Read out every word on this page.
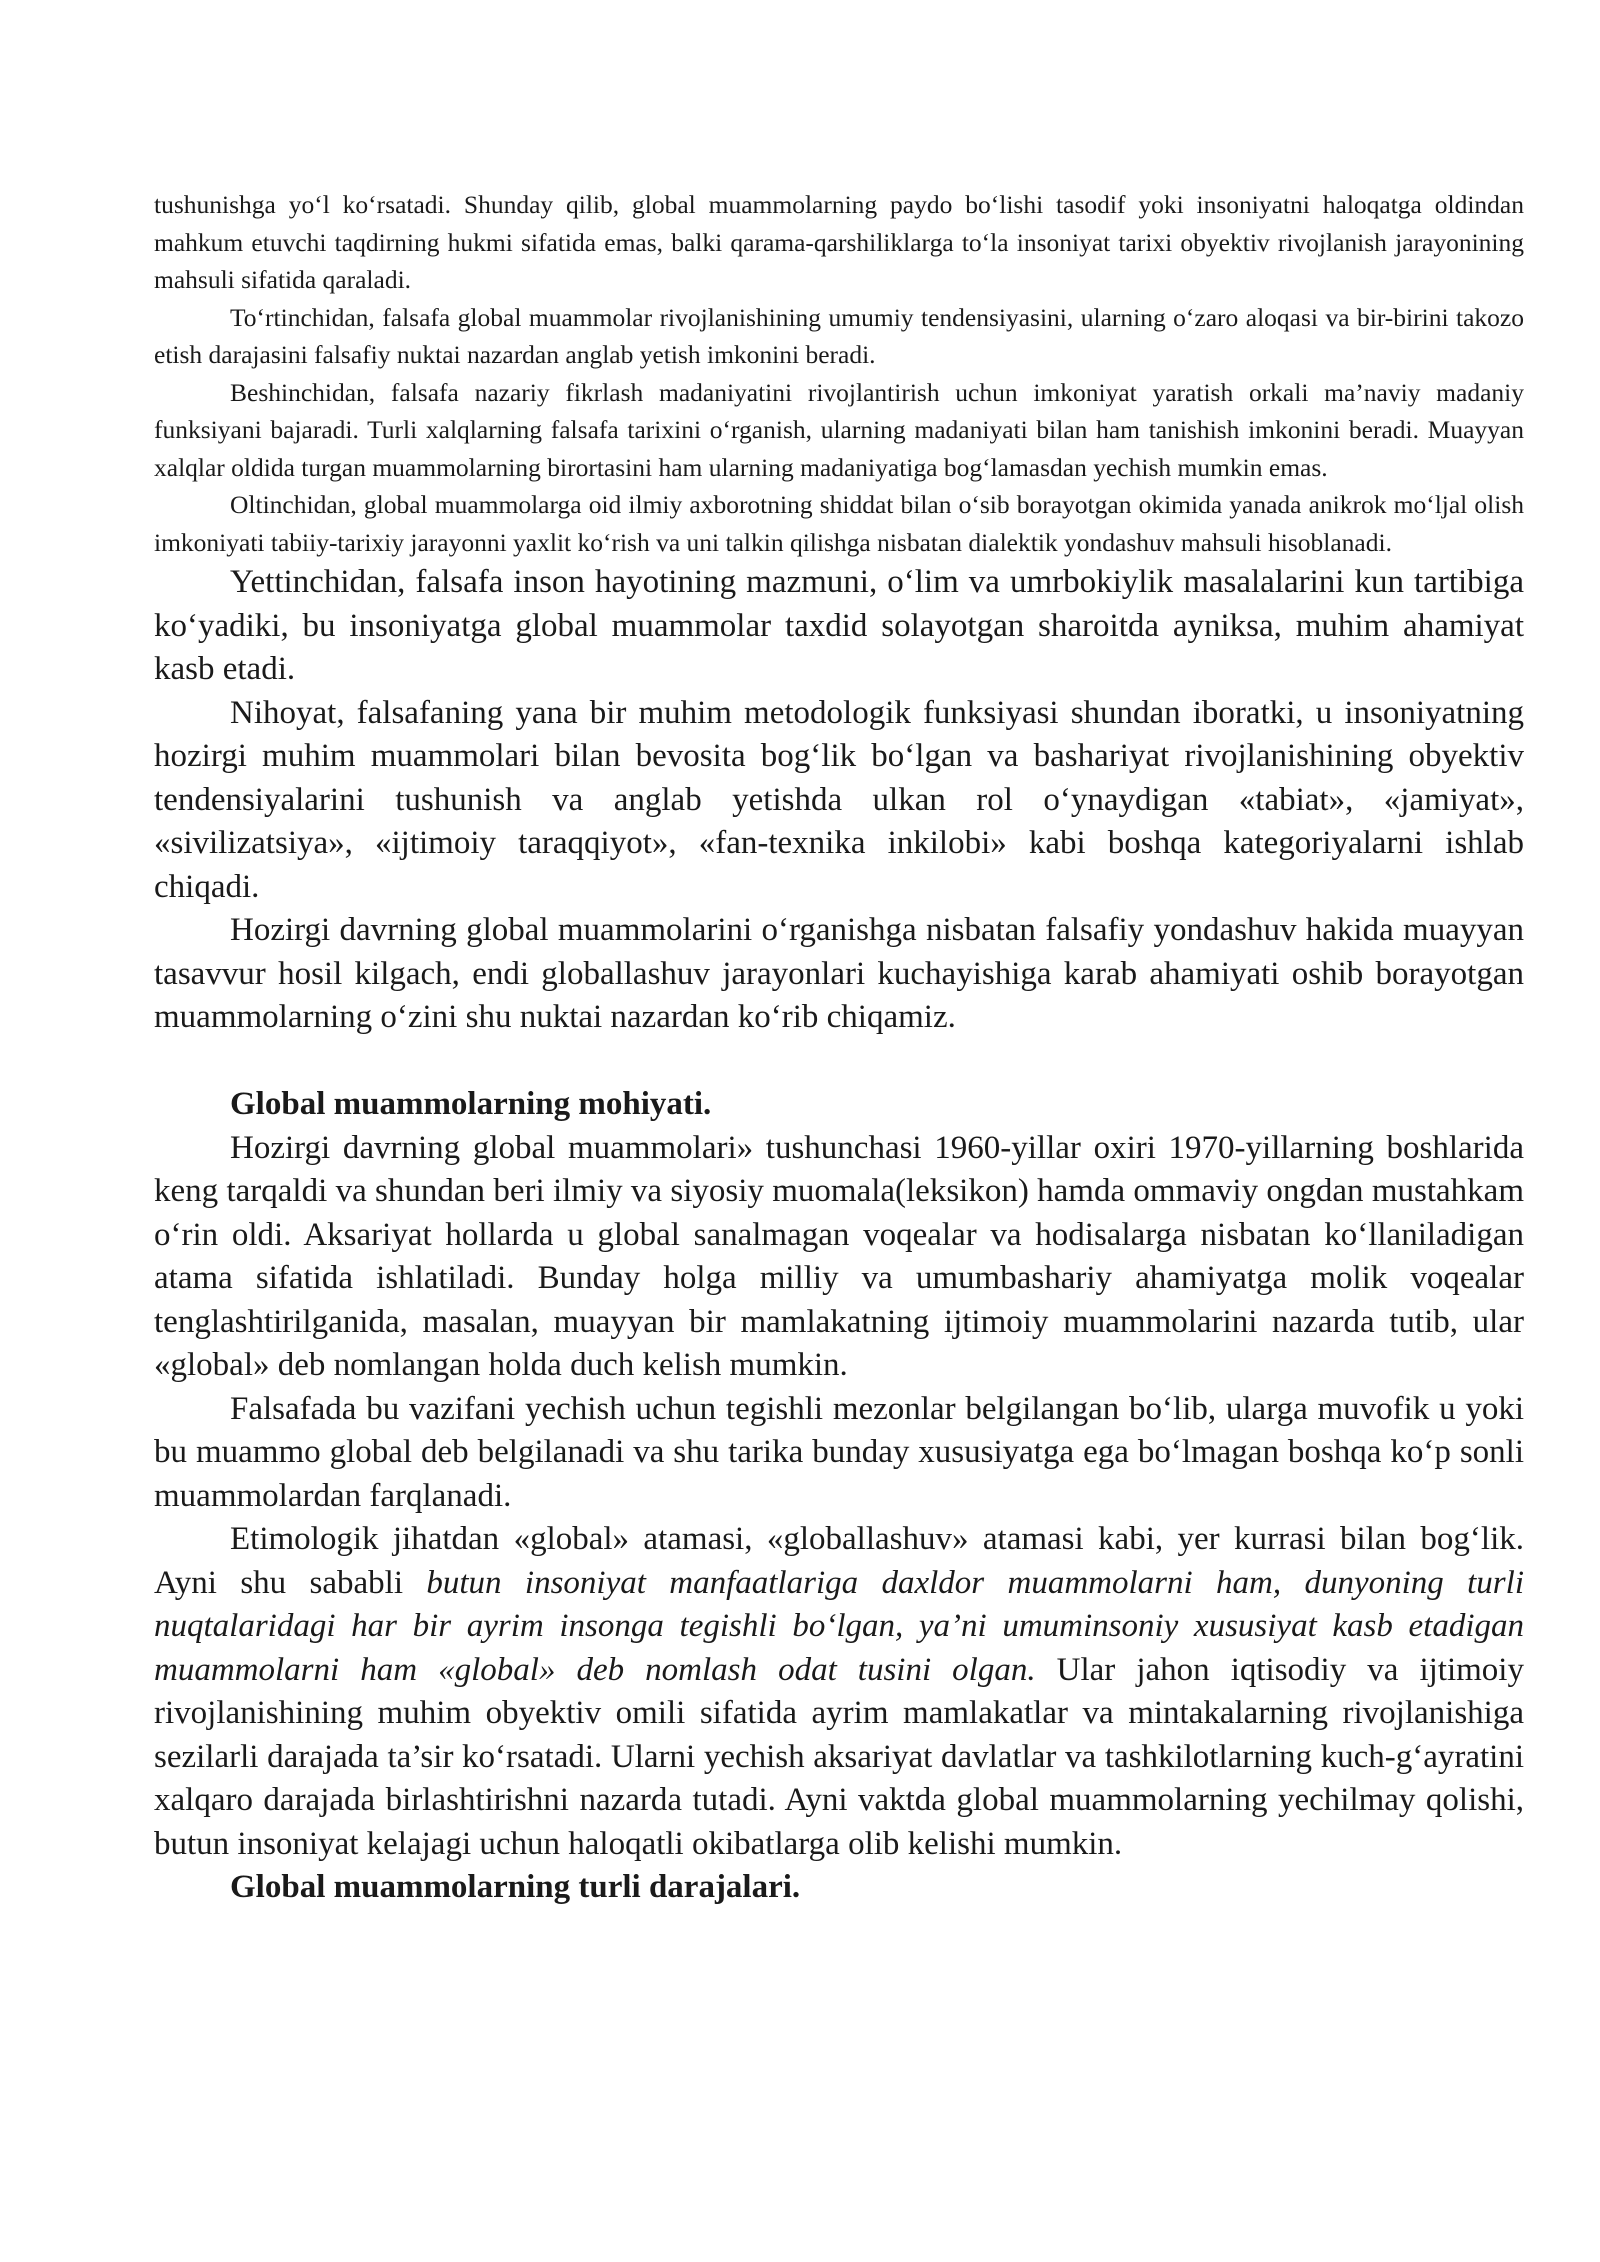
tushunishga yo‘l ko‘rsatadi. Shunday qilib, global muammolarning paydo bo‘lishi tasodif yoki insoniyatni haloqatga oldindan mahkum etuvchi taqdirning hukmi sifatida emas, balki qarama-qarshiliklarga to‘la insoniyat tarixi obyektiv rivojlanish jarayonining mahsuli sifatida qaraladi.

To‘rtinchidan, falsafa global muammolar rivojlanishining umumiy tendensiyasini, ularning o‘zaro aloqasi va bir-birini takozo etish darajasini falsafiy nuktai nazardan anglab yetish imkonini beradi.

Beshinchidan, falsafa nazariy fikrlash madaniyatini rivojlantirish uchun imkoniyat yaratish orkali ma’naviy madaniy funksiyani bajaradi. Turli xalqlarning falsafa tarixini o‘rganish, ularning madaniyati bilan ham tanishish imkonini beradi. Muayyan xalqlar oldida turgan muammolarning birortasini ham ularning madaniyatiga bog‘lamasdan yechish mumkin emas.

Oltinchidan, global muammolarga oid ilmiy axborotning shiddat bilan o‘sib borayotgan okimida yanada anikrok mo‘ljal olish imkoniyati tabiiy-tarixiy jarayonni yaxlit ko‘rish va uni talkin qilishga nisbatan dialektik yondashuv mahsuli hisoblanadi.

Yettinchidan, falsafa inson hayotining mazmuni, o‘lim va umrbokiylik masalalarini kun tartibiga ko‘yadiki, bu insoniyatga global muammolar taxdid solayotgan sharoitda ayniksa, muhim ahamiyat kasb etadi.

Nihoyat, falsafaning yana bir muhim metodologik funksiyasi shundan iboratki, u insoniyatning hozirgi muhim muammolari bilan bevosita bog‘lik bo‘lgan va bashariyat rivojlanishining obyektiv tendensiyalarini tushunish va anglab yetishda ulkan rol o‘ynaydigan «tabiat», «jamiyat», «sivilizatsiya», «ijtimoiy taraqqiyot», «fan-texnika inkilobi» kabi boshqa kategoriyalarni ishlab chiqadi.

Hozirgi davrning global muammolarini o‘rganishga nisbatan falsafiy yondashuv hakida muayyan tasavvur hosil kilgach, endi globallashuv jarayonlari kuchayishiga karab ahamiyati oshib borayotgan muammolarning o‘zini shu nuktai nazardan ko‘rib chiqamiz.

Global muammolarning mohiyati.

Hozirgi davrning global muammolari» tushunchasi 1960-yillar oxiri 1970-yillarning boshlarida keng tarqaldi va shundan beri ilmiy va siyosiy muomala(leksikon) hamda ommaviy ongdan mustahkam o‘rin oldi. Aksariyat hollarda u global sanalmagan voqealar va hodisalarga nisbatan ko‘llaniladigan atama sifatida ishlatiladi. Bunday holga milliy va umumbashariy ahamiyatga molik voqealar tenglashtirilganida, masalan, muayyan bir mamlakatning ijtimoiy muammolarini nazarda tutib, ular «global» deb nomlangan holda duch kelish mumkin.

Falsafada bu vazifani yechish uchun tegishli mezonlar belgilangan bo‘lib, ularga muvofik u yoki bu muammo global deb belgilanadi va shu tarika bunday xususiyatga ega bo‘lmagan boshqa ko‘p sonli muammolardan farqlanadi.

Etimologik jihatdan «global» atamasi, «globallashuv» atamasi kabi, yer kurrasi bilan bog‘lik. Ayni shu sababli butun insoniyat manfaatlariga daxldor muammolarni ham, dunyoning turli nuqtalaridagi har bir ayrim insonga tegishli bo‘lgan, ya’ni umuminsoniy xususiyat kasb etadigan muammolarni ham «global» deb nomlash odat tusini olgan. Ular jahon iqtisodiy va ijtimoiy rivojlanishining muhim obyektiv omili sifatida ayrim mamlakatlar va mintakalarning rivojlanishiga sezilarli darajada ta’sir ko‘rsatadi. Ularni yechish aksariyat davlatlar va tashkilotlarning kuch-g‘ayratini xalqaro darajada birlashtirishni nazarda tutadi. Ayni vaktda global muammolarning yechilmay qolishi, butun insoniyat kelajagi uchun haloqatli okibatlarga olib kelishi mumkin.

Global muammolarning turli darajalari.
